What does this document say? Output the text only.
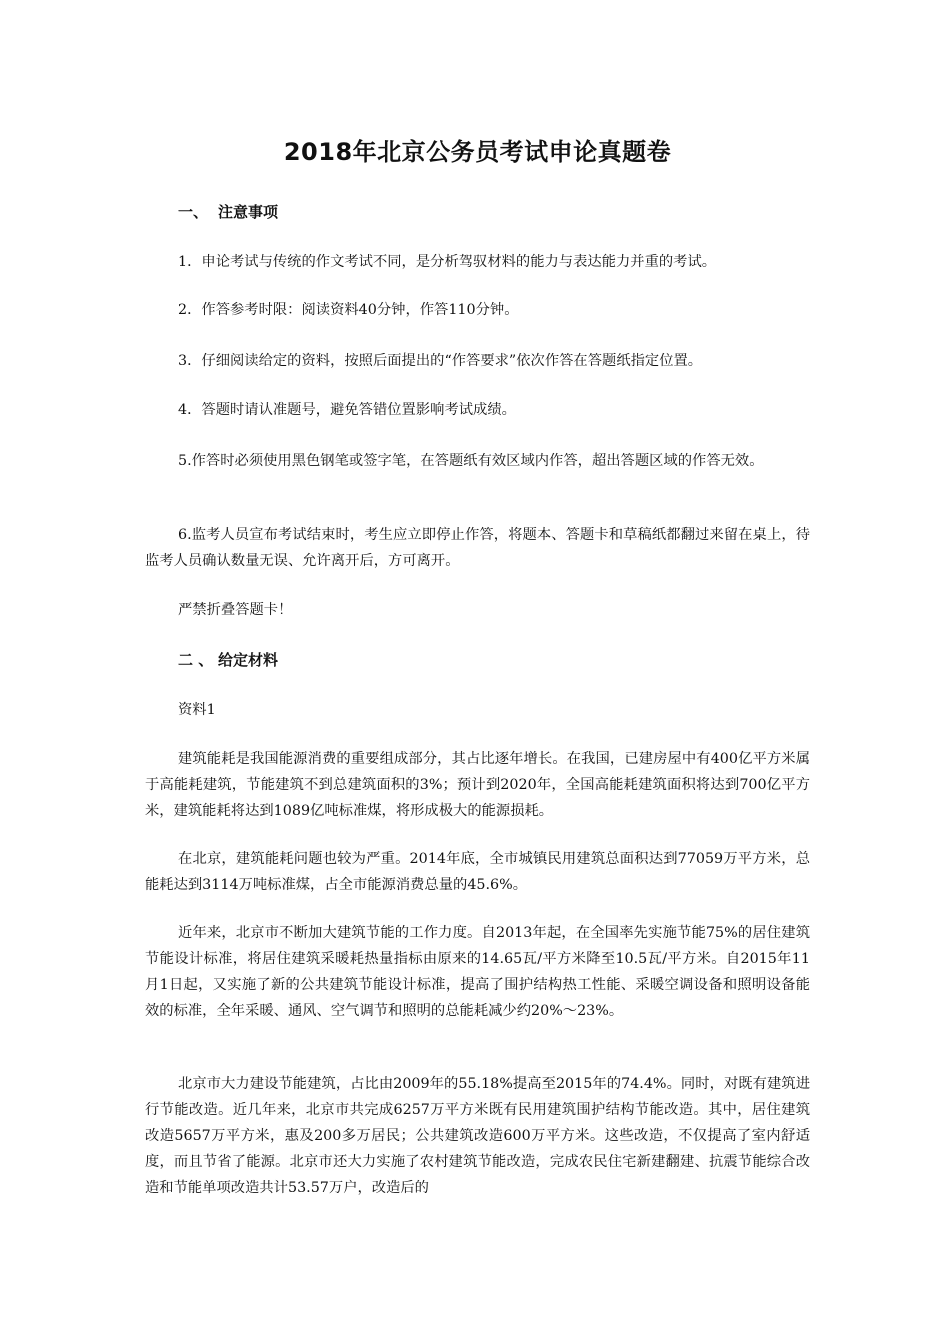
2018年北京公务员考试申论真题卷
一、 注意事项

1．申论考试与传统的作文考试不同，是分析驾驭材料的能力与表达能力并重的考试。

2．作答参考时限：阅读资料40分钟，作答110分钟。

3．仔细阅读给定的资料，按照后面提出的“作答要求”依次作答在答题纸指定位置。

4．答题时请认准题号，避免答错位置影响考试成绩。

5.作答时必须使用黑色钢笔或签字笔，在答题纸有效区域内作答，超出答题区域的作答无效。

6.监考人员宣布考试结束时，考生应立即停止作答，将题本、答题卡和草稿纸都翻过来留在桌上，待监考人员确认数量无误、允许离开后，方可离开。

严禁折叠答题卡！

二 、 给定材料

资料1

建筑能耗是我国能源消费的重要组成部分，其占比逐年增长。在我国，已建房屋中有400亿平方米属于高能耗建筑，节能建筑不到总建筑面积的3%；预计到2020年，全国高能耗建筑面积将达到700亿平方米，建筑能耗将达到1089亿吨标准煤，将形成极大的能源损耗。

在北京，建筑能耗问题也较为严重。2014年底，全市城镇民用建筑总面积达到77059万平方米，总能耗达到3114万吨标准煤，占全市能源消费总量的45.6%。

近年来，北京市不断加大建筑节能的工作力度。自2013年起，在全国率先实施节能75%的居住建筑节能设计标准，将居住建筑采暖耗热量指标由原来的14.65瓦/平方米降至10.5瓦/平方米。自2015年11月1日起，又实施了新的公共建筑节能设计标准，提高了围护结构热工性能、采暖空调设备和照明设备能效的标准，全年采暖、通风、空气调节和照明的总能耗减少约20%～23%。

北京市大力建设节能建筑，占比由2009年的55.18%提高至2015年的74.4%。同时，对既有建筑进行节能改造。近几年来，北京市共完成6257万平方米既有民用建筑围护结构节能改造。其中，居住建筑改造5657万平方米，惠及200多万居民；公共建筑改造600万平方米。这些改造，不仅提高了室内舒适度，而且节省了能源。北京市还大力实施了农村建筑节能改造，完成农民住宅新建翻建、抗震节能综合改造和节能单项改造共计53.57万户，改造后的
